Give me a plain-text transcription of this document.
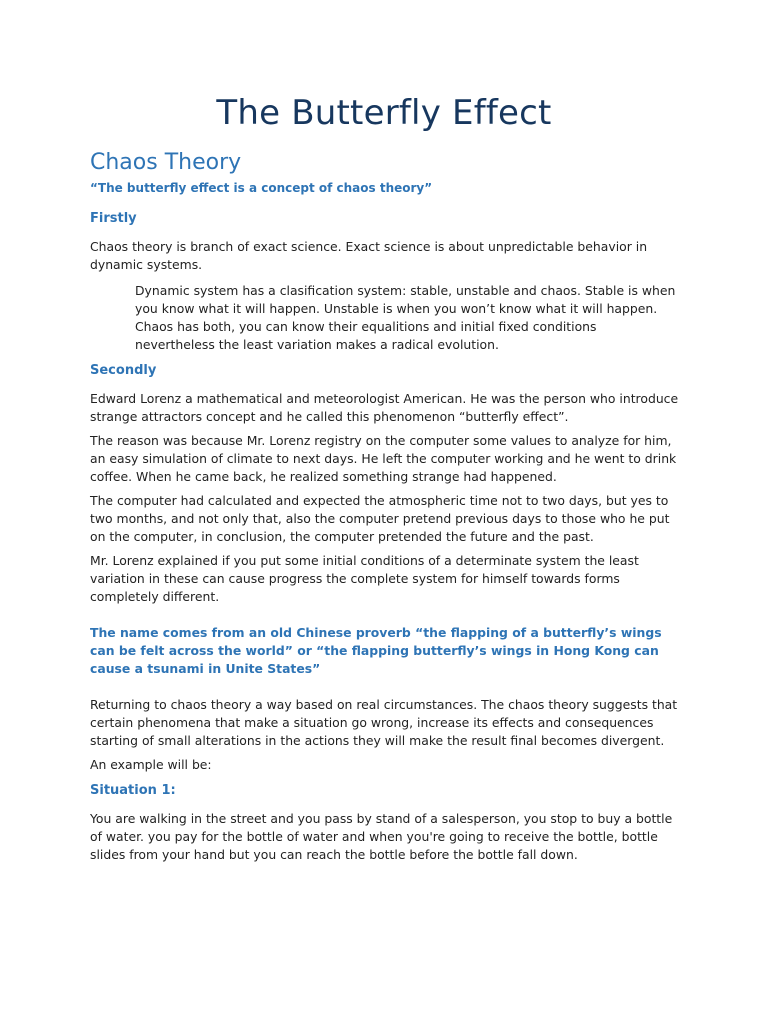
The Butterfly Effect
Chaos Theory
“The butterfly effect is a concept of chaos theory”
Firstly

Chaos theory is branch of exact science. Exact science is about unpredictable behavior in dynamic systems.

Dynamic system has a clasification system: stable, unstable and chaos. Stable is when you know what it will happen. Unstable is when you won’t know what it will happen. Chaos has both, you can know their equalitions and initial fixed conditions nevertheless the least variation makes a radical evolution.

Secondly

Edward Lorenz a mathematical and meteorologist American. He was the person who introduce strange attractors concept and he called this phenomenon “butterfly effect”.

The reason was because Mr. Lorenz registry on the computer some values to analyze for him, an easy simulation of climate to next days. He left the computer working and he went to drink coffee. When he came back, he realized something strange had happened.

The computer had calculated and expected the atmospheric time not to two days, but yes to two months, and not only that, also the computer pretend previous days to those who he put on the computer, in conclusion, the computer pretended the future and the past.

Mr. Lorenz explained if you put some initial conditions of a determinate system the least variation in these can cause progress the complete system for himself towards forms completely different.

The name comes from an old Chinese proverb “the flapping of a butterfly’s wings can be felt across the world” or “the flapping butterfly’s wings in Hong Kong can cause a tsunami in Unite States”

Returning to chaos theory a way based on real circumstances. The chaos theory suggests that certain phenomena that make a situation go wrong, increase its effects and consequences starting of small alterations in the actions they will make the result final becomes divergent.

An example will be:

Situation 1:

You are walking in the street and you pass by stand of a salesperson, you stop to buy a bottle of water. you pay for the bottle of water and when you're going to receive the bottle, bottle slides from your hand but you can reach the bottle before the bottle fall down.
